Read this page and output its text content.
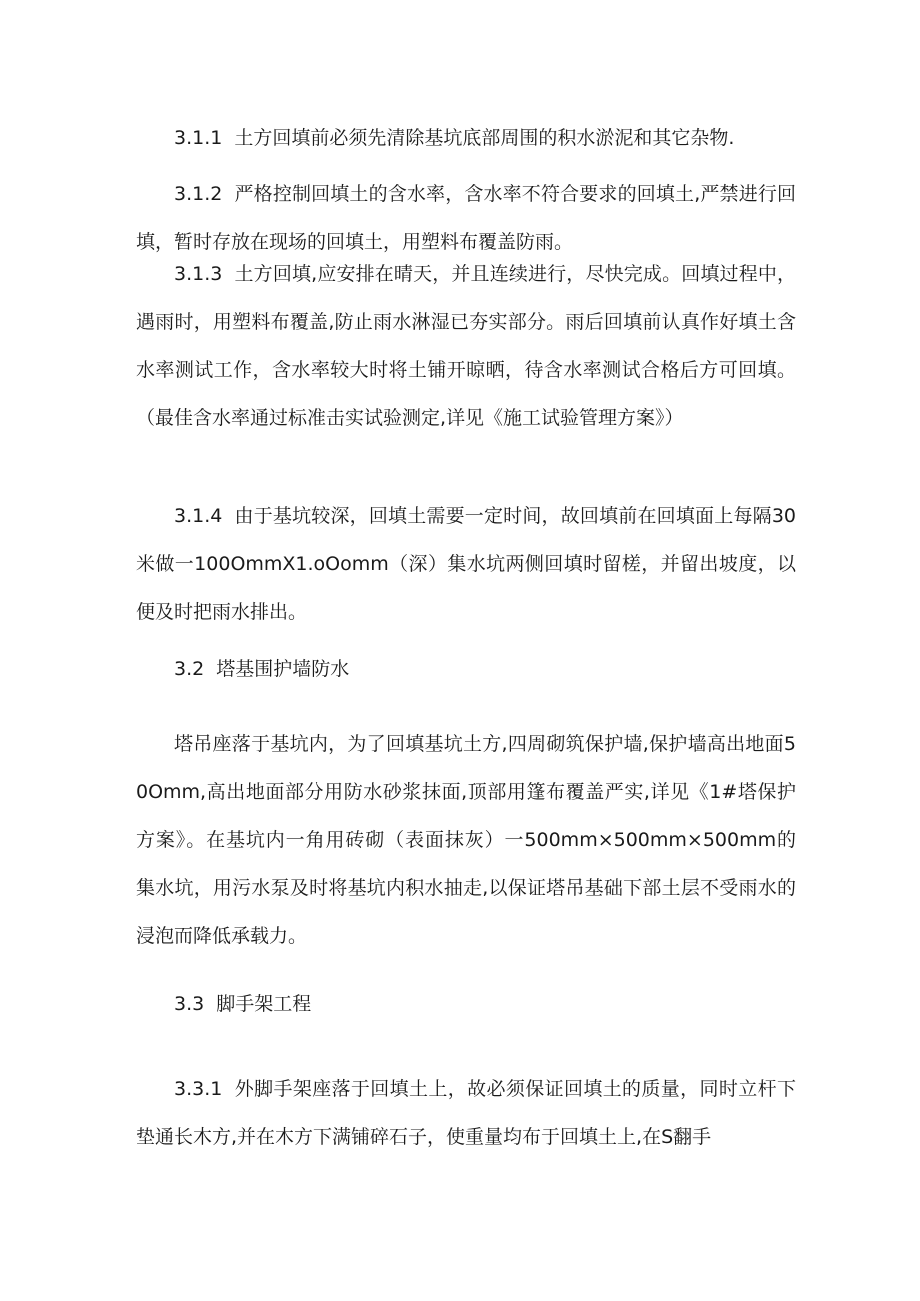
3.1.1 土方回填前必须先清除基坑底部周围的积水淤泥和其它杂物.

3.1.2 严格控制回填土的含水率，含水率不符合要求的回填土,严禁进行回填，暂时存放在现场的回填土，用塑料布覆盖防雨。

3.1.3 土方回填,应安排在晴天，并且连续进行，尽快完成。回填过程中，遇雨时，用塑料布覆盖,防止雨水淋湿已夯实部分。雨后回填前认真作好填土含水率测试工作，含水率较大时将土铺开晾晒，待含水率测试合格后方可回填。（最佳含水率通过标准击实试验测定,详见《施工试验管理方案》）

3.1.4 由于基坑较深，回填土需要一定时间，故回填前在回填面上每隔30米做一100OmmX1.oOomm（深）集水坑两侧回填时留槎，并留出坡度，以便及时把雨水排出。

3.2 塔基围护墙防水

塔吊座落于基坑内，为了回填基坑土方,四周砌筑保护墙,保护墙高出地面50Omm,高出地面部分用防水砂浆抹面,顶部用篷布覆盖严实,详见《1#塔保护方案》。在基坑内一角用砖砌（表面抹灰）一500mm×500mm×500mm的集水坑，用污水泵及时将基坑内积水抽走,以保证塔吊基础下部土层不受雨水的浸泡而降低承载力。

3.3 脚手架工程

3.3.1 外脚手架座落于回填土上，故必须保证回填土的质量，同时立杆下垫通长木方,并在木方下满铺碎石子，使重量均布于回填土上,在S翻手
